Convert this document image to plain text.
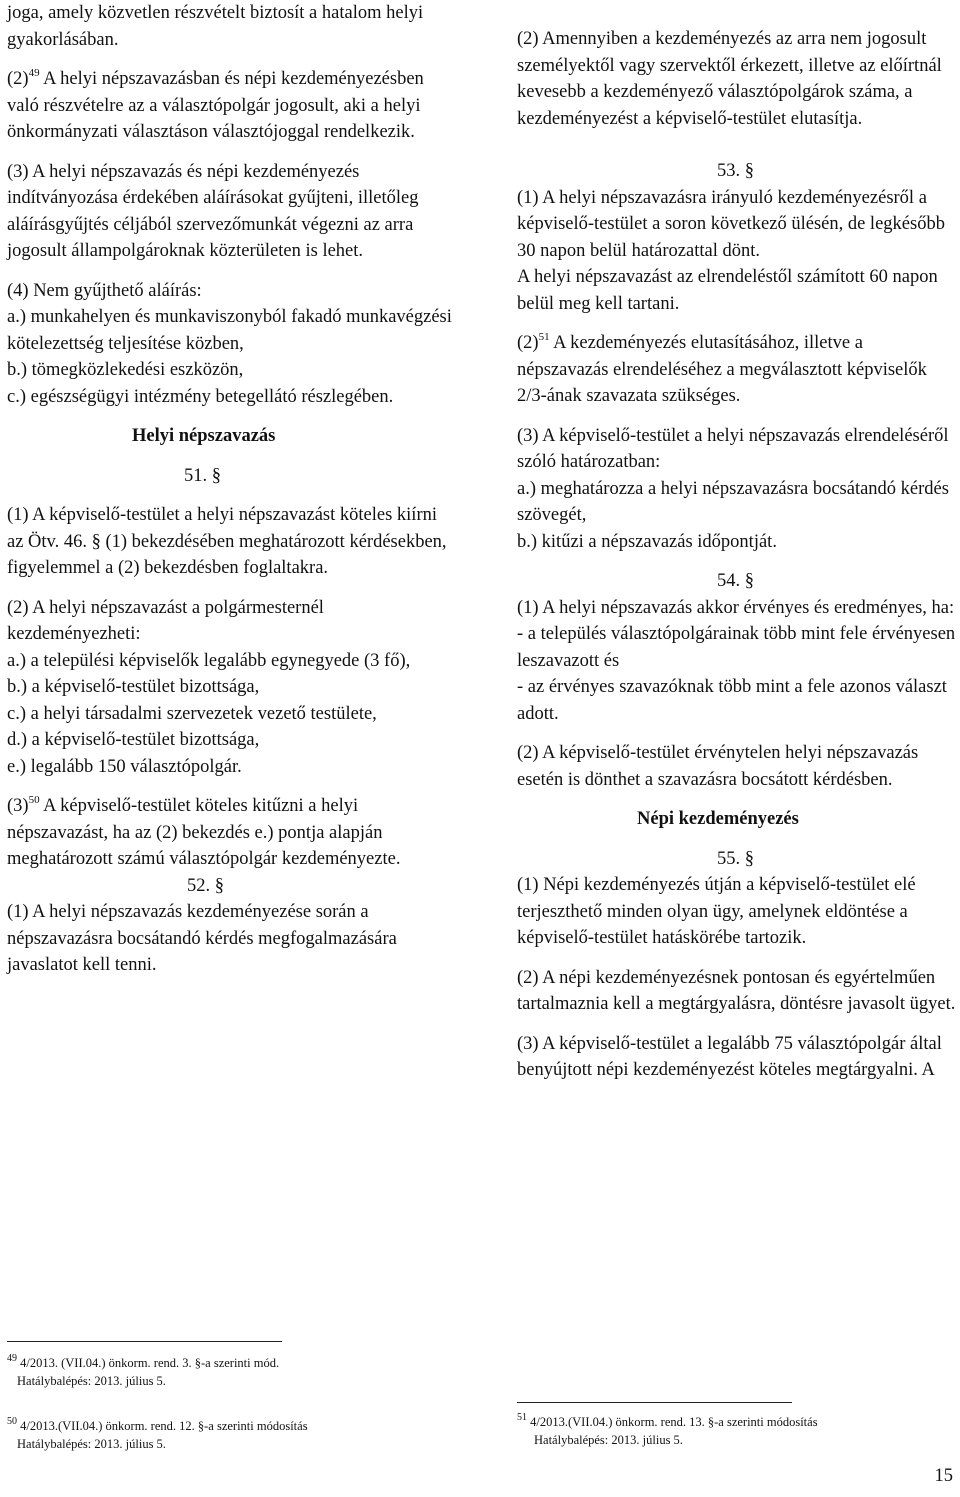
joga, amely közvetlen részvételt biztosít a hatalom helyi gyakorlásában.

$(2)^{49}$ A helyi népszavazásban és népi kezdeményezésben való részvételre az a választópolgár jogosult, aki a helyi önkormányzati választáson választójoggal rendelkezik.

(3) A helyi népszavazás és népi kezdeményezés indítványozása érdekében aláírásokat gyűjteni, illetőleg aláírásgyűjtés céljából szervezőmunkát végezni az arra jogosult állampolgároknak közterületen is lehet.

(4) Nem gyűjthető aláírás:

a.) munkahelyen és munkaviszonyból fakadó munkavégzési kötelezettség teljesítése közben,

b.) tömegközlekedési eszközön,

c.) egészségügyi intézmény betegellátó részlegében.

Helyi népszavazás

51. §

(1) A képviselő-testület a helyi népszavazást köteles kiírni az Ötv. 46. § (1) bekezdésében meghatározott kérdésekben, figyelemmel a (2) bekezdésben foglaltakra.

(2) A helyi népszavazást a polgármesternél kezdeményezheti:

a.) a települési képviselők legalább egynegyede (3 fő),

b.) a képviselő-testület bizottsága,

c.) a helyi társadalmi szervezetek vezető testülete,

d.) a képviselő-testület bizottsága,

e.) legalább 150 választópolgár.

$(3)^{50}$ A képviselő-testület köteles kitűzni a helyi népszavazást, ha az (2) bekezdés e.) pontja alapján meghatározott számú választópolgár kezdeményezte.

52. §

(1) A helyi népszavazás kezdeményezése során a népszavazásra bocsátandó kérdés megfogalmazására javaslatot kell tenni.

$^{49}$ 4/2013. (VII.04.) önkorm. rend. 3. §-a szerinti mód.
Hatálybalépés: 2013. július 5.
$^{50}$ 4/2013.(VII.04.) önkorm. rend. 12. §-a szerinti módosítás
Hatálybalépés: 2013. július 5.

(2) Amennyiben a kezdeményezés az arra nem jogosult személyektől vagy szervektől érkezett, illetve az előírtnál kevesebb a kezdeményező választópolgárok száma, a kezdeményezést a képviselő-testület elutasítja.

53. §

(1) A helyi népszavazásra irányuló kezdeményezésről a képviselő-testület a soron következő ülésén, de legkésőbb 30 napon belül határozattal dönt.

A helyi népszavazást az elrendeléstől számított 60 napon belül meg kell tartani.

$(2)^{51}$ A kezdeményezés elutasításához, illetve a népszavazás elrendeléséhez a megválasztott képviselők 2/3-ának szavazata szükséges.

(3) A képviselő-testület a helyi népszavazás elrendeléséről szóló határozatban:

a.) meghatározza a helyi népszavazásra bocsátandó kérdés szövegét,

b.) kitűzi a népszavazás időpontját.

54. §

(1) A helyi népszavazás akkor érvényes és eredményes, ha:

- a település választópolgárainak több mint fele érvényesen leszavazott és

- az érvényes szavazóknak több mint a fele azonos választ adott.

(2) A képviselő-testület érvénytelen helyi népszavazás esetén is dönthet a szavazásra bocsátott kérdésben.

Népi kezdeményezés

55. §

(1) Népi kezdeményezés útján a képviselő-testület elé terjeszthető minden olyan ügy, amelynek eldöntése a képviselő-testület hatáskörébe tartozik.

(2) A népi kezdeményezésnek pontosan és egyértelműen tartalmaznia kell a megtárgyalásra, döntésre javasolt ügyet.

(3) A képviselő-testület a legalább 75 választópolgár által benyújtott népi kezdeményezést köteles megtárgyalni. A

$^{51}$ 4/2013.(VII.04.) önkorm. rend. 13. §-a szerinti módosítás
Hatálybalépés: 2013. július 5.
15
